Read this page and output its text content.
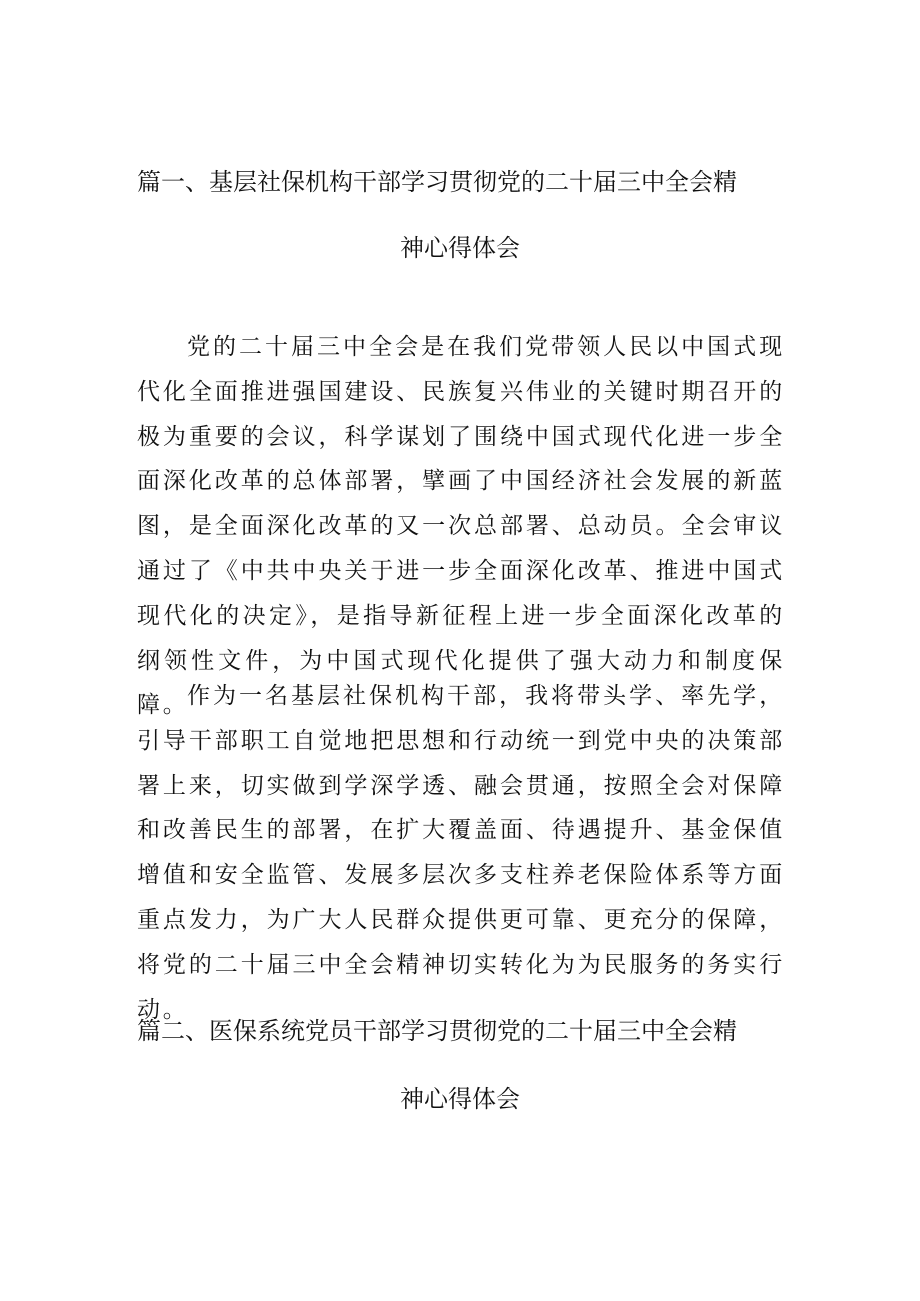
篇一、基层社保机构干部学习贯彻党的二十届三中全会精
神心得体会

党的二十届三中全会是在我们党带领人民以中国式现代化全面推进强国建设、民族复兴伟业的关键时期召开的极为重要的会议，科学谋划了围绕中国式现代化进一步全面深化改革的总体部署，擘画了中国经济社会发展的新蓝图，是全面深化改革的又一次总部署、总动员。全会审议通过了《中共中央关于进一步全面深化改革、推进中国式现代化的决定》，是指导新征程上进一步全面深化改革的纲领性文件，为中国式现代化提供了强大动力和制度保障。

作为一名基层社保机构干部，我将带头学、率先学，引导干部职工自觉地把思想和行动统一到党中央的决策部署上来，切实做到学深学透、融会贯通，按照全会对保障和改善民生的部署，在扩大覆盖面、待遇提升、基金保值增值和安全监管、发展多层次多支柱养老保险体系等方面重点发力，为广大人民群众提供更可靠、更充分的保障，将党的二十届三中全会精神切实转化为为民服务的务实行动。

篇二、医保系统党员干部学习贯彻党的二十届三中全会精
神心得体会
